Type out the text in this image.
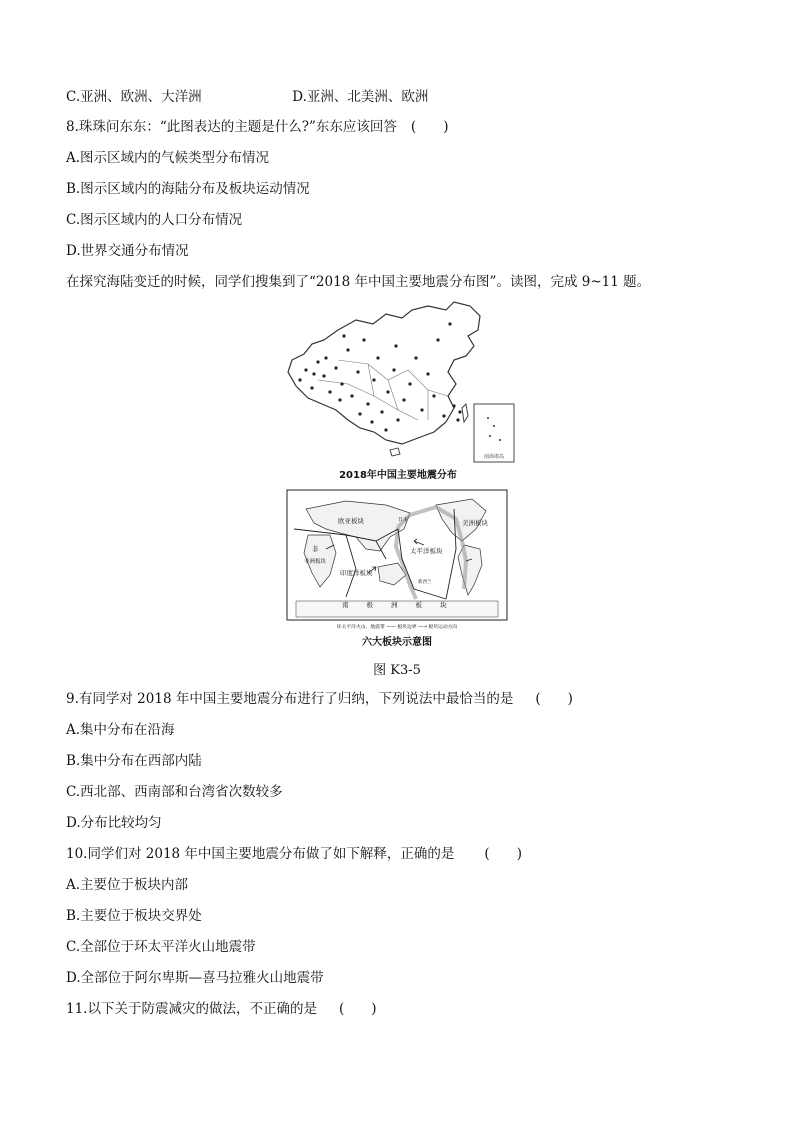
C.亚洲、欧洲、大洋洲	D.亚洲、北美洲、欧洲
8.珠珠问东东：“此图表达的主题是什么?”东东应该回答 (　　)
A.图示区域内的气候类型分布情况
B.图示区域内的海陆分布及板块运动情况
C.图示区域内的人口分布情况
D.世界交通分布情况
在探究海陆变迁的时候，同学们搜集到了“2018 年中国主要地震分布图”。读图，完成 9~11 题。
南海诸岛
2018年中国主要地震分布
欧亚板块
非
非洲板块
印度洋板块
太平洋板块
美洲板块
南极洲板块
日本
新西兰
环太平洋火山、地震带 —— 板块边界 —→ 板块运动方向
六大板块示意图
图 K3-5
9.有同学对 2018 年中国主要地震分布进行了归纳，下列说法中最恰当的是 (　　)
A.集中分布在沿海
B.集中分布在西部内陆
C.西北部、西南部和台湾省次数较多
D.分布比较均匀
10.同学们对 2018 年中国主要地震分布做了如下解释，正确的是 (　　)
A.主要位于板块内部
B.主要位于板块交界处
C.全部位于环太平洋火山地震带
D.全部位于阿尔卑斯—喜马拉雅火山地震带
11.以下关于防震减灾的做法，不正确的是 (　　)
